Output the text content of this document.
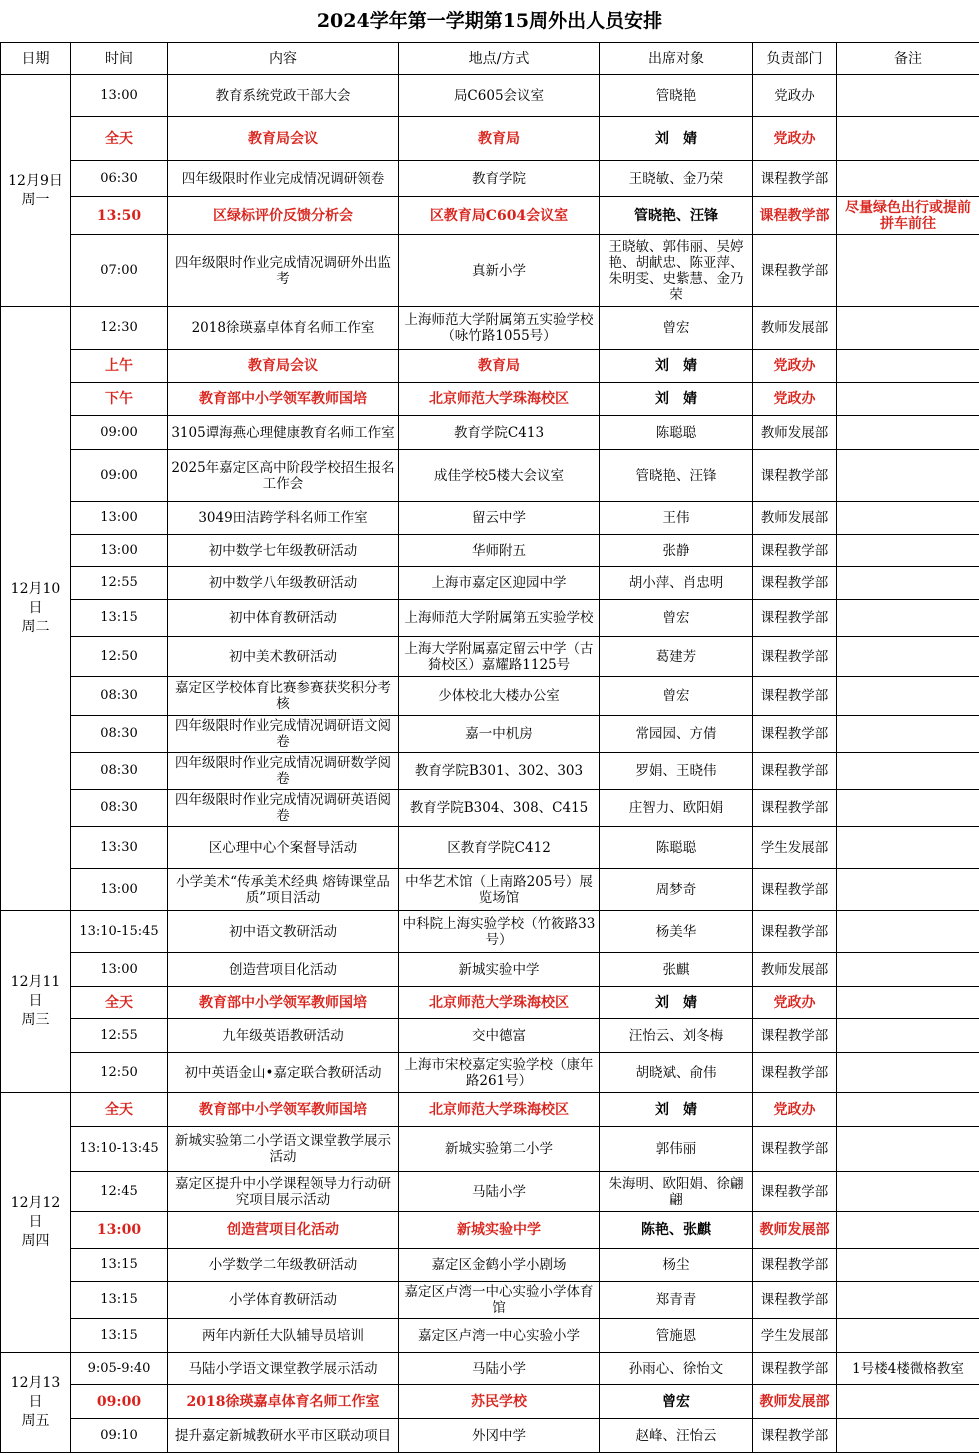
2024学年第一学期第15周外出人员安排
日期	时间	内容	地点/方式	出席对象	负责部门	备注

12月9日
周一	13:00	教育系统党政干部大会	局C605会议室	管晓艳	党政办	
	全天	教育局会议	教育局	刘　婧	党政办	
	06:30	四年级限时作业完成情况调研领卷	教育学院	王晓敏、金乃荣	课程教学部	
	13:50	区绿标评价反馈分析会	区教育局C604会议室	管晓艳、汪锋	课程教学部	尽量绿色出行或提前拼车前往
	07:00	四年级限时作业完成情况调研外出监考	真新小学	王晓敏、郭伟丽、吴婷艳、胡献忠、陈亚萍、朱明雯、史紫慧、金乃荣	课程教学部	

12月10日
周二	12:30	2018徐瑛嘉卓体育名师工作室	上海师范大学附属第五实验学校（咏竹路1055号）	曾宏	教师发展部	
	上午	教育局会议	教育局	刘　婧	党政办	
	下午	教育部中小学领军教师国培	北京师范大学珠海校区	刘　婧	党政办	
	09:00	3105谭海燕心理健康教育名师工作室	教育学院C413	陈聪聪	教师发展部	
	09:00	2025年嘉定区高中阶段学校招生报名工作会	成佳学校5楼大会议室	管晓艳、汪锋	课程教学部	
	13:00	3049田洁跨学科名师工作室	留云中学	王伟	教师发展部	
	13:00	初中数学七年级教研活动	华师附五	张静	课程教学部	
	12:55	初中数学八年级教研活动	上海市嘉定区迎园中学	胡小萍、肖忠明	课程教学部	
	13:15	初中体育教研活动	上海师范大学附属第五实验学校	曾宏	课程教学部	
	12:50	初中美术教研活动	上海大学附属嘉定留云中学（古猗校区）嘉耀路1125号	葛建芳	课程教学部	
	08:30	嘉定区学校体育比赛参赛获奖积分考核	少体校北大楼办公室	曾宏	课程教学部	
	08:30	四年级限时作业完成情况调研语文阅卷	嘉一中机房	常园园、方倩	课程教学部	
	08:30	四年级限时作业完成情况调研数学阅卷	教育学院B301、302、303	罗娟、王晓伟	课程教学部	
	08:30	四年级限时作业完成情况调研英语阅卷	教育学院B304、308、C415	庄智力、欧阳娟	课程教学部	
	13:30	区心理中心个案督导活动	区教育学院C412	陈聪聪	学生发展部	
	13:00	小学美术“传承美术经典 熔铸课堂品质”项目活动	中华艺术馆（上南路205号）展览场馆	周梦奇	课程教学部	

12月11日
周三	13:10-15:45	初中语文教研活动	中科院上海实验学校（竹筱路33号）	杨美华	课程教学部	
	13:00	创造营项目化活动	新城实验中学	张麒	教师发展部	
	全天	教育部中小学领军教师国培	北京师范大学珠海校区	刘　婧	党政办	
	12:55	九年级英语教研活动	交中德富	汪怡云、刘冬梅	课程教学部	
	12:50	初中英语金山•嘉定联合教研活动	上海市宋校嘉定实验学校（康年路261号）	胡晓斌、俞伟	课程教学部	

12月12日
周四	全天	教育部中小学领军教师国培	北京师范大学珠海校区	刘　婧	党政办	
	13:10-13:45	新城实验第二小学语文课堂教学展示活动	新城实验第二小学	郭伟丽	课程教学部	
	12:45	嘉定区提升中小学课程领导力行动研究项目展示活动	马陆小学	朱海明、欧阳娟、徐翩翩	课程教学部	
	13:00	创造营项目化活动	新城实验中学	陈艳、张麒	教师发展部	
	13:15	小学数学二年级教研活动	嘉定区金鹤小学小剧场	杨尘	课程教学部	
	13:15	小学体育教研活动	嘉定区卢湾一中心实验小学体育馆	郑青青	课程教学部	
	13:15	两年内新任大队辅导员培训	嘉定区卢湾一中心实验小学	管施恩	学生发展部	

12月13日
周五	9:05-9:40	马陆小学语文课堂教学展示活动	马陆小学	孙雨心、徐怡文	课程教学部	1号楼4楼微格教室
	09:00	2018徐瑛嘉卓体育名师工作室	苏民学校	曾宏	教师发展部	
	09:10	提升嘉定新城教研水平市区联动项目	外冈中学	赵峰、汪怡云	课程教学部	
